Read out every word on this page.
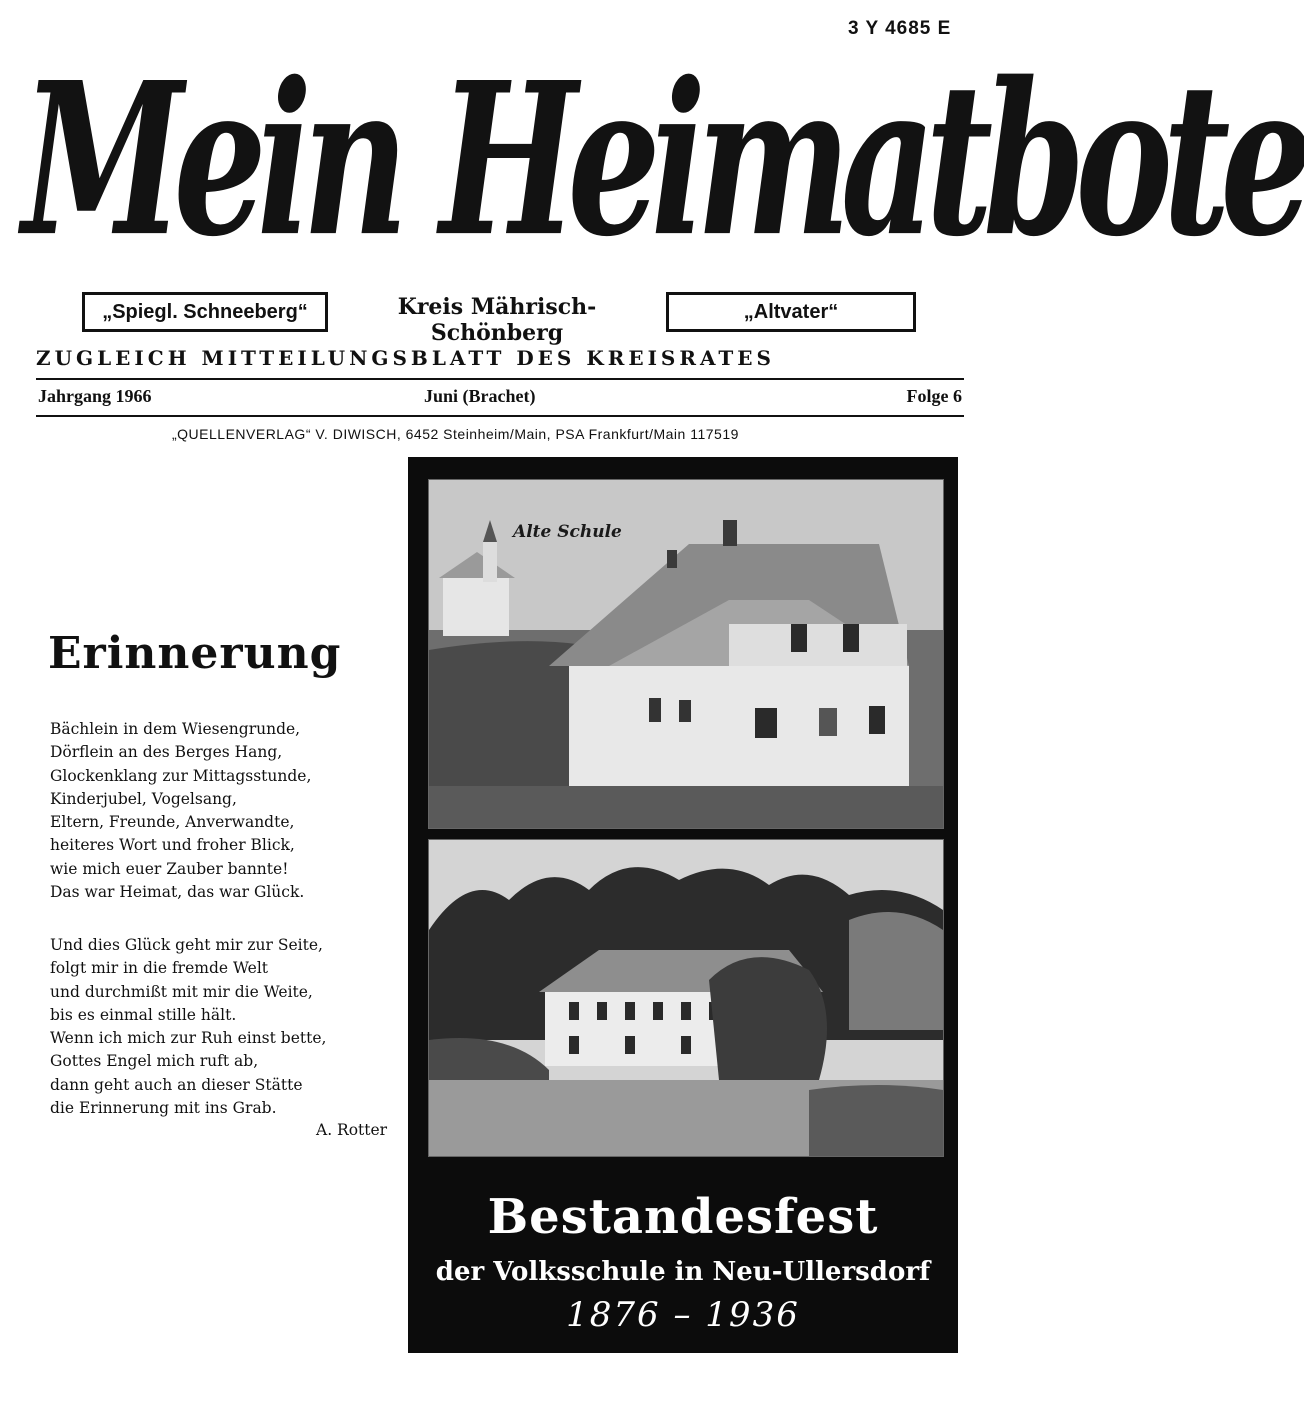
3 Y 4685 E
Mein Heimatbote
„Spiegl. Schneeberg“	Kreis Mährisch-Schönberg
„Altvater“
ZUGLEICH MITTEILUNGSBLATT DES KREISRATES
Jahrgang 1966	Juni (Brachet)	Folge 6
„QUELLENVERLAG“ V. DIWISCH, 6452 Steinheim/Main, PSA Frankfurt/Main 117519
Erinnerung
Bächlein in dem Wiesengrunde,
Dörflein an des Berges Hang,
Glockenklang zur Mittagsstunde,
Kinderjubel, Vogelsang,
Eltern, Freunde, Anverwandte,
heiteres Wort und froher Blick,
wie mich euer Zauber bannte!
Das war Heimat, das war Glück.
Und dies Glück geht mir zur Seite,
folgt mir in die fremde Welt
und durchmißt mit mir die Weite,
bis es einmal stille hält.
Wenn ich mich zur Ruh einst bette,
Gottes Engel mich ruft ab,
dann geht auch an dieser Stätte
die Erinnerung mit ins Grab.
A. Rotter
Alte Schule
Bestandesfest
der Volksschule in Neu-Ullersdorf
1876 – 1936
